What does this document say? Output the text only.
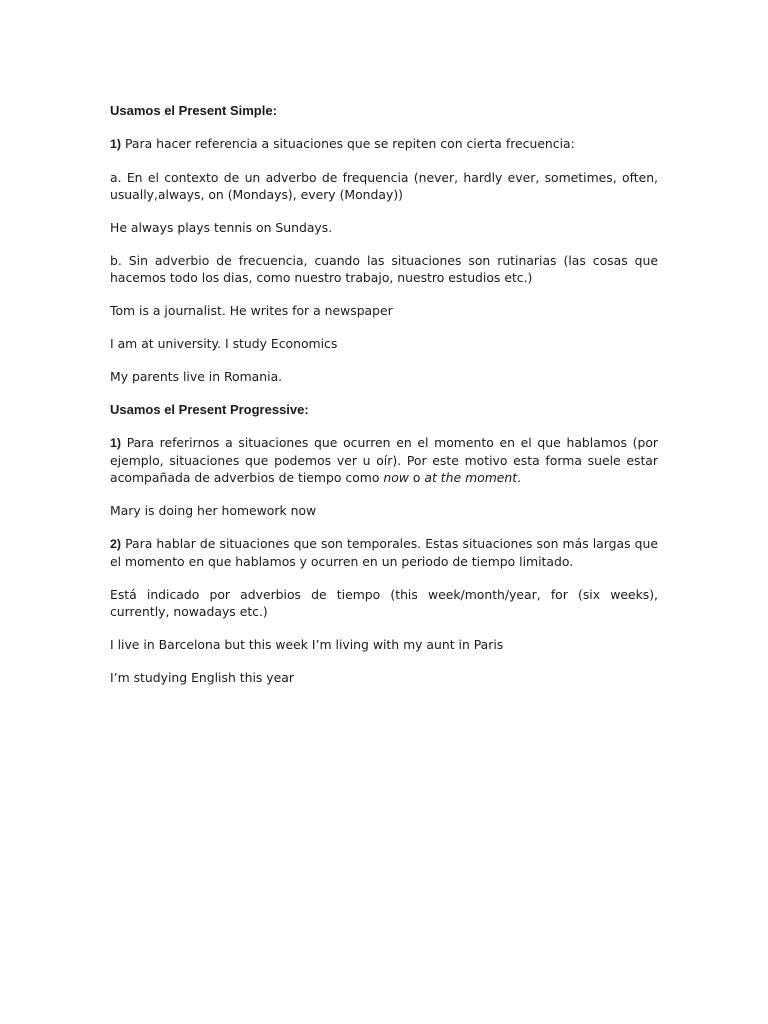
Usamos el Present Simple:

1) Para hacer referencia a situaciones que se repiten con cierta frecuencia:

a. En el contexto de un adverbo de frequencia (never, hardly ever, sometimes, often, usually,always, on (Mondays), every (Monday))

He always plays tennis on Sundays.

b. Sin adverbio de frecuencia, cuando las situaciones son rutinarias (las cosas que hacemos todo los dias, como nuestro trabajo, nuestro estudios etc.)

Tom is a journalist. He writes for a newspaper

I am at university. I study Economics

My parents live in Romania.

Usamos el Present Progressive:

1) Para referirnos a situaciones que ocurren en el momento en el que hablamos (por ejemplo, situaciones que podemos ver u oír). Por este motivo esta forma suele estar acompañada de adverbios de tiempo como now o at the moment.

Mary is doing her homework now

2) Para hablar de situaciones que son temporales. Estas situaciones son más largas que el momento en que hablamos y ocurren en un periodo de tiempo limitado.

Está indicado por adverbios de tiempo (this week/month/year, for (six weeks), currently, nowadays etc.)

I live in Barcelona but this week I’m living with my aunt in Paris

I’m studying English this year
